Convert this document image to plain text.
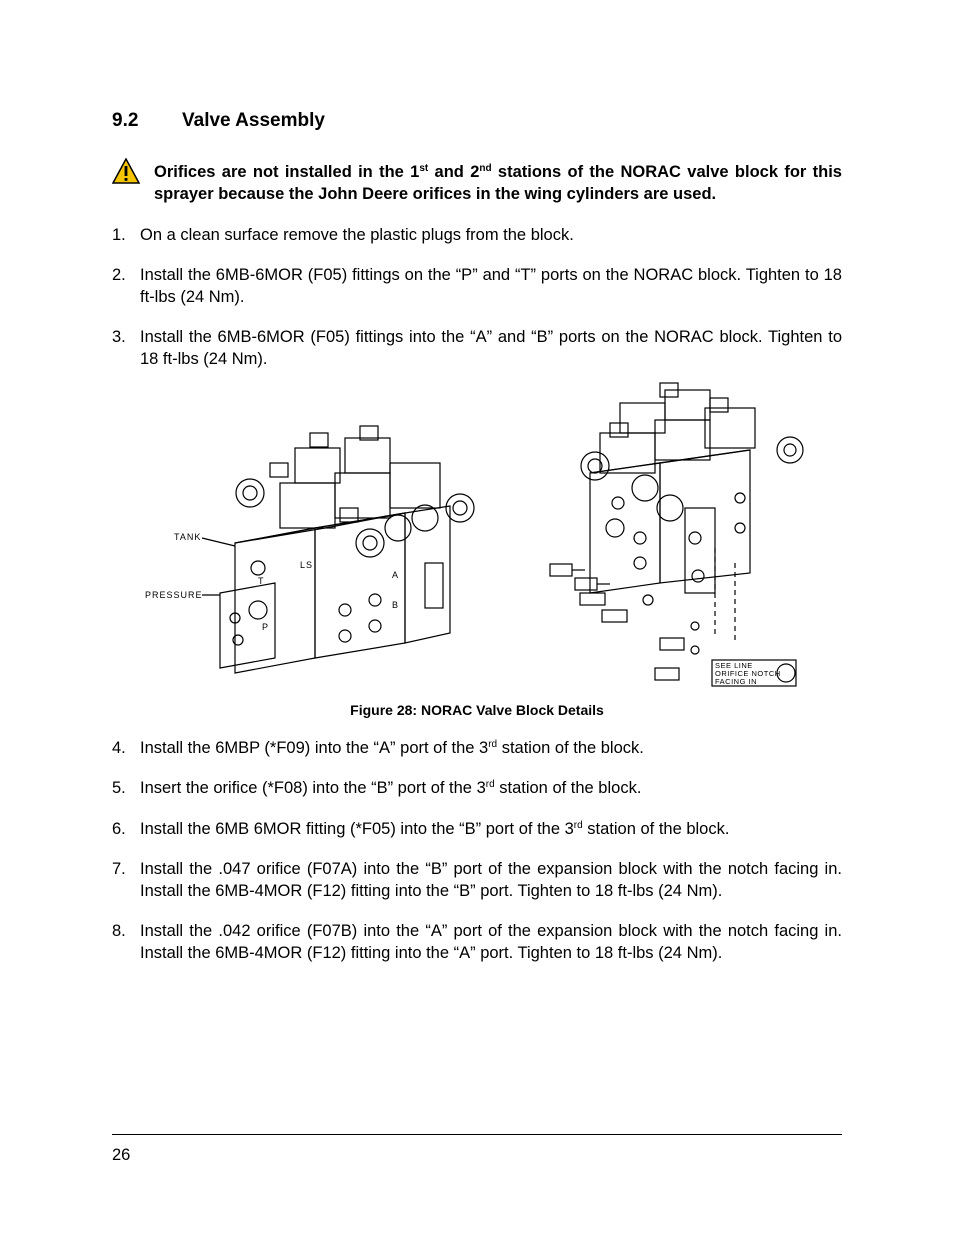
9.2 Valve Assembly
Orifices are not installed in the 1st and 2nd stations of the NORAC valve block for this sprayer because the John Deere orifices in the wing cylinders are used.
1. On a clean surface remove the plastic plugs from the block.
2. Install the 6MB-6MOR (F05) fittings on the “P” and “T” ports on the NORAC block. Tighten to 18 ft-lbs (24 Nm).
3. Install the 6MB-6MOR (F05) fittings into the “A” and “B” ports on the NORAC block. Tighten to 18 ft-lbs (24 Nm).
TANK
PRESSURE
LS
T
P
A
B
SEE LINE
ORIFICE NOTCH
FACING IN
Figure 28: NORAC Valve Block Details
4. Install the 6MBP (*F09) into the “A” port of the 3rd station of the block.
5. Insert the orifice (*F08) into the “B” port of the 3rd station of the block.
6. Install the 6MB 6MOR fitting (*F05) into the “B” port of the 3rd station of the block.
7. Install the .047 orifice (F07A) into the “B” port of the expansion block with the notch facing in. Install the 6MB-4MOR (F12) fitting into the “B” port. Tighten to 18 ft-lbs (24 Nm).
8. Install the .042 orifice (F07B) into the “A” port of the expansion block with the notch facing in. Install the 6MB-4MOR (F12) fitting into the “A” port. Tighten to 18 ft-lbs (24 Nm).
26
